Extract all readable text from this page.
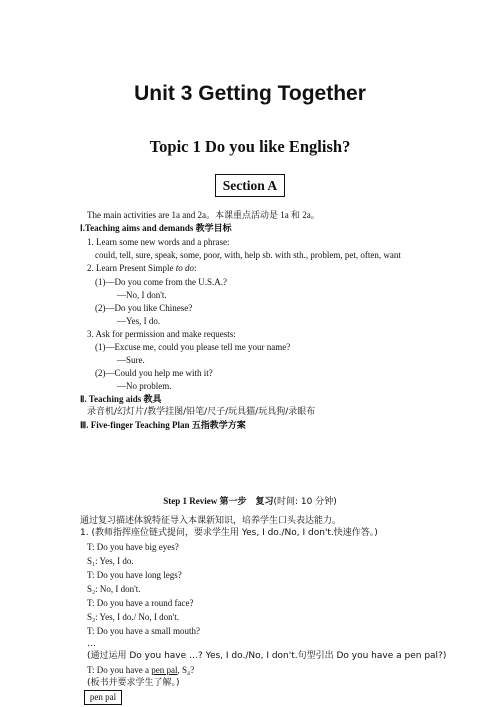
Unit 3 Getting Together
Topic 1 Do you like English?
Section A
The main activities are 1a and 2a。本课重点活动是 1a 和 2a。
Ⅰ.Teaching aims and demands 教学目标
1. Learn some new words and a phrase:
could, tell, sure, speak, some, poor, with, help sb. with sth., problem, pet, often, want
2. Learn Present Simple to do:
(1)—Do you come from the U.S.A.?
—No, I don't.
(2)—Do you like Chinese?
—Yes, I do.
3. Ask for permission and make requests:
(1)—Excuse me, could you please tell me your name?
—Sure.
(2)—Could you help me with it?
—No problem.
Ⅱ. Teaching aids 教具
录音机/幻灯片/教学挂图/铅笔/尺子/玩具猫/玩具狗/录眼布
Ⅲ. Five-finger Teaching Plan 五指教学方案
Step 1 Review 第一步　复习(时间: 10 分钟)
通过复习描述体貌特征导入本课新知识，培养学生口头表达能力。
1. (教师指挥座位链式提问，要求学生用 Yes, I do./No, I don't.快速作答。)
T: Do you have big eyes?
S₁: Yes, I do.
T: Do you have long legs?
S₂: No, I don't.
T: Do you have a round face?
S₃: Yes, I do./ No, I don't.
T: Do you have a small mouth?
…
(通过运用 Do you have …? Yes, I do./No, I don't.句型引出 Do you have a pen pal?)
T: Do you have a pen pal, S₄?
(板书并要求学生了解。)
pen pal
